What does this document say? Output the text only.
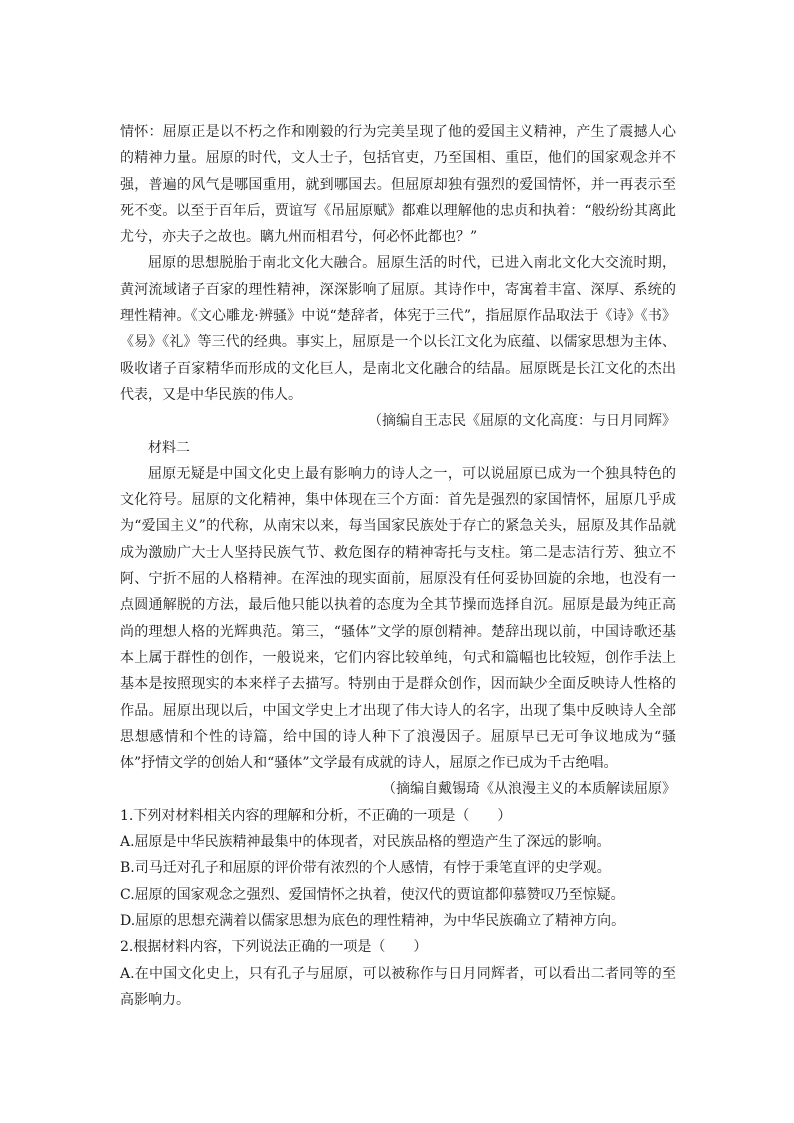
情怀：屈原正是以不朽之作和刚毅的行为完美呈现了他的爱国主义精神，产生了震撼人心的精神力量。屈原的时代，文人士子，包括官吏，乃至国相、重臣，他们的国家观念并不强，普遍的风气是哪国重用，就到哪国去。但屈原却独有强烈的爱国情怀，并一再表示至死不变。以至于百年后，贾谊写《吊屈原赋》都难以理解他的忠贞和执着：“般纷纷其离此尤兮，亦夫子之故也。瞝九州而相君兮，何必怀此都也？”

屈原的思想脱胎于南北文化大融合。屈原生活的时代，已进入南北文化大交流时期，黄河流域诸子百家的理性精神，深深影响了屈原。其诗作中，寄寓着丰富、深厚、系统的理性精神。《文心雕龙·辨骚》中说“楚辞者，体宪于三代”，指屈原作品取法于《诗》《书》《易》《礼》等三代的经典。事实上，屈原是一个以长江文化为底蕴、以儒家思想为主体、吸收诸子百家精华而形成的文化巨人，是南北文化融合的结晶。屈原既是长江文化的杰出代表，又是中华民族的伟人。

（摘编自王志民《屈原的文化高度：与日月同辉》

材料二

屈原无疑是中国文化史上最有影响力的诗人之一，可以说屈原已成为一个独具特色的文化符号。屈原的文化精神，集中体现在三个方面：首先是强烈的家国情怀，屈原几乎成为“爱国主义”的代称，从南宋以来，每当国家民族处于存亡的紧急关头，屈原及其作品就成为激励广大士人坚持民族气节、救危图存的精神寄托与支柱。第二是志洁行芳、独立不阿、宁折不屈的人格精神。在浑浊的现实面前，屈原没有任何妥协回旋的余地，也没有一点圆通解脱的方法，最后他只能以执着的态度为全其节操而选择自沉。屈原是最为纯正高尚的理想人格的光辉典范。第三，“骚体”文学的原创精神。楚辞出现以前，中国诗歌还基本上属于群性的创作，一般说来，它们内容比较单纯，句式和篇幅也比较短，创作手法上基本是按照现实的本来样子去描写。特别由于是群众创作，因而缺少全面反映诗人性格的作品。屈原出现以后，中国文学史上才出现了伟大诗人的名字，出现了集中反映诗人全部思想感情和个性的诗篇，给中国的诗人种下了浪漫因子。屈原早已无可争议地成为“骚体”抒情文学的创始人和“骚体”文学最有成就的诗人，屈原之作已成为千古绝唱。

（摘编自戴锡琦《从浪漫主义的本质解读屈原》

1.下列对材料相关内容的理解和分析，不正确的一项是（　　）

A.屈原是中华民族精神最集中的体现者，对民族品格的塑造产生了深远的影响。

B.司马迁对孔子和屈原的评价带有浓烈的个人感情，有悖于秉笔直评的史学观。

C.屈原的国家观念之强烈、爱国情怀之执着，使汉代的贾谊都仰慕赞叹乃至惊疑。

D.屈原的思想充满着以儒家思想为底色的理性精神，为中华民族确立了精神方向。

2.根据材料内容，下列说法正确的一项是（　　）

A.在中国文化史上，只有孔子与屈原，可以被称作与日月同辉者，可以看出二者同等的至高影响力。
